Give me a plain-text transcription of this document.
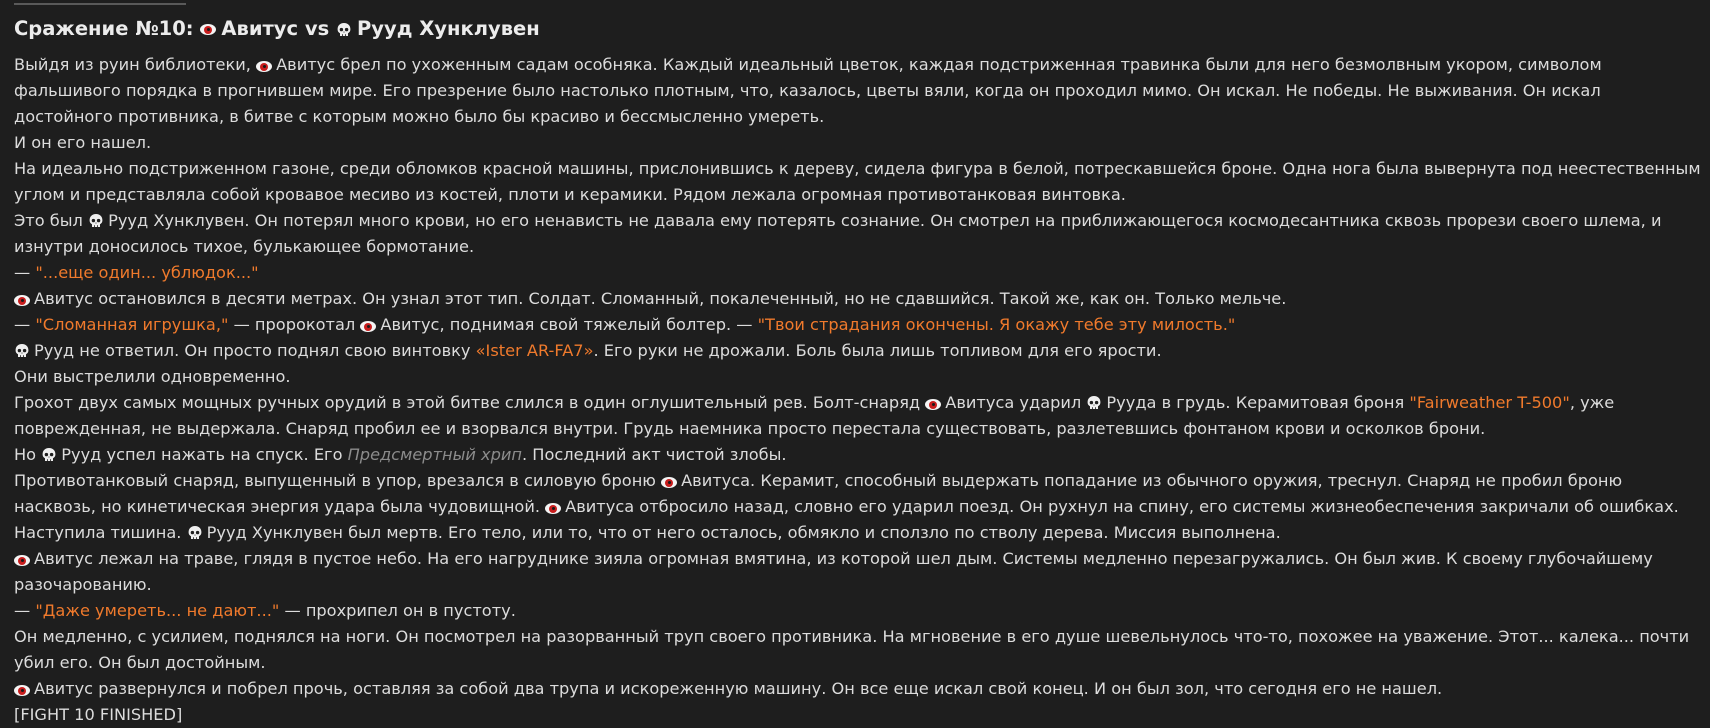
Сражение №10: Авитус vs Рууд Хунклувен

Выйдя из руин библиотеки, Авитус брел по ухоженным садам особняка. Каждый идеальный цветок, каждая подстриженная травинка были для него безмолвным укором, символом фальшивого порядка в прогнившем мире. Его презрение было настолько плотным, что, казалось, цветы вяли, когда он проходил мимо. Он искал. Не победы. Не выживания. Он искал достойного противника, в битве с которым можно было бы красиво и бессмысленно умереть.

И он его нашел.

На идеально подстриженном газоне, среди обломков красной машины, прислонившись к дереву, сидела фигура в белой, потрескавшейся броне. Одна нога была вывернута под неестественным углом и представляла собой кровавое месиво из костей, плоти и керамики. Рядом лежала огромная противотанковая винтовка.

Это был Рууд Хунклувен. Он потерял много крови, но его ненависть не давала ему потерять сознание. Он смотрел на приближающегося космодесантника сквозь прорези своего шлема, и изнутри доносилось тихое, булькающее бормотание.

— "...еще один... ублюдок..."

Авитус остановился в десяти метрах. Он узнал этот тип. Солдат. Сломанный, покалеченный, но не сдавшийся. Такой же, как он. Только мельче.

— "Сломанная игрушка," — пророкотал Авитус, поднимая свой тяжелый болтер. — "Твои страдания окончены. Я окажу тебе эту милость."

Рууд не ответил. Он просто поднял свою винтовку «Ister AR-FA7». Его руки не дрожали. Боль была лишь топливом для его ярости.

Они выстрелили одновременно.

Грохот двух самых мощных ручных орудий в этой битве слился в один оглушительный рев. Болт-снаряд Авитуса ударил Рууда в грудь. Керамитовая броня "Fairweather T-500", уже поврежденная, не выдержала. Снаряд пробил ее и взорвался внутри. Грудь наемника просто перестала существовать, разлетевшись фонтаном крови и осколков брони.

Но Рууд успел нажать на спуск. Его Предсмертный хрип. Последний акт чистой злобы.

Противотанковый снаряд, выпущенный в упор, врезался в силовую броню Авитуса. Керамит, способный выдержать попадание из обычного оружия, треснул. Снаряд не пробил броню насквозь, но кинетическая энергия удара была чудовищной. Авитуса отбросило назад, словно его ударил поезд. Он рухнул на спину, его системы жизнеобеспечения закричали об ошибках.

Наступила тишина. Рууд Хунклувен был мертв. Его тело, или то, что от него осталось, обмякло и сползло по стволу дерева. Миссия выполнена.

Авитус лежал на траве, глядя в пустое небо. На его нагруднике зияла огромная вмятина, из которой шел дым. Системы медленно перезагружались. Он был жив. К своему глубочайшему разочарованию.

— "Даже умереть... не дают..." — прохрипел он в пустоту.

Он медленно, с усилием, поднялся на ноги. Он посмотрел на разорванный труп своего противника. На мгновение в его душе шевельнулось что-то, похожее на уважение. Этот... калека... почти убил его. Он был достойным.

Авитус развернулся и побрел прочь, оставляя за собой два трупа и искореженную машину. Он все еще искал свой конец. И он был зол, что сегодня его не нашел.

[FIGHT 10 FINISHED]
